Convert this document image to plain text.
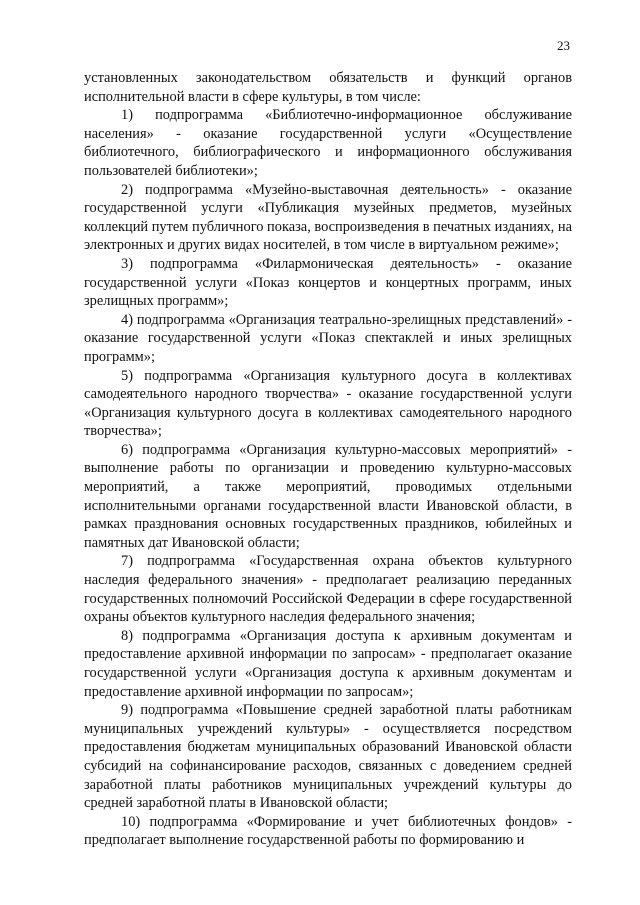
23

установленных законодательством обязательств и функций органов исполнительной власти в сфере культуры, в том числе:

1) подпрограмма «Библиотечно-информационное обслуживание населения» - оказание государственной услуги «Осуществление библиотечного, библиографического и информационного обслуживания пользователей библиотеки»;

2) подпрограмма «Музейно-выставочная деятельность» - оказание государственной услуги «Публикация музейных предметов, музейных коллекций путем публичного показа, воспроизведения в печатных изданиях, на электронных и других видах носителей, в том числе в виртуальном режиме»;

3) подпрограмма «Филармоническая деятельность» - оказание государственной услуги «Показ концертов и концертных программ, иных зрелищных программ»;

4) подпрограмма «Организация театрально-зрелищных представлений» - оказание государственной услуги «Показ спектаклей и иных зрелищных программ»;

5) подпрограмма «Организация культурного досуга в коллективах самодеятельного народного творчества» - оказание государственной услуги «Организация культурного досуга в коллективах самодеятельного народного творчества»;

6) подпрограмма «Организация культурно-массовых мероприятий» - выполнение работы по организации и проведению культурно-массовых мероприятий, а также мероприятий, проводимых отдельными исполнительными органами государственной власти Ивановской области, в рамках празднования основных государственных праздников, юбилейных и памятных дат Ивановской области;

7) подпрограмма «Государственная охрана объектов культурного наследия федерального значения» - предполагает реализацию переданных государственных полномочий Российской Федерации в сфере государственной охраны объектов культурного наследия федерального значения;

8) подпрограмма «Организация доступа к архивным документам и предоставление архивной информации по запросам» - предполагает оказание государственной услуги «Организация доступа к архивным документам и предоставление архивной информации по запросам»;

9) подпрограмма «Повышение средней заработной платы работникам муниципальных учреждений культуры» - осуществляется посредством предоставления бюджетам муниципальных образований Ивановской области субсидий на софинансирование расходов, связанных с доведением средней заработной платы работников муниципальных учреждений культуры до средней заработной платы в Ивановской области;

10) подпрограмма «Формирование и учет библиотечных фондов» - предполагает выполнение государственной работы по формированию и
